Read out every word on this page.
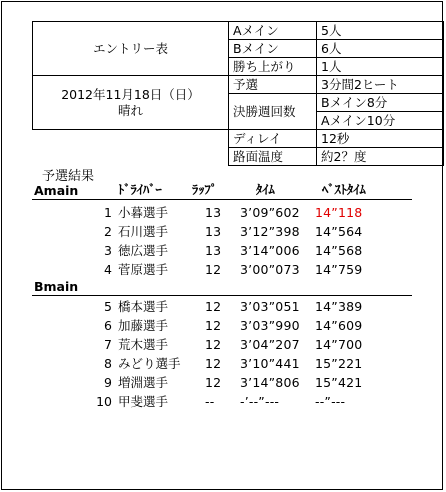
エントリー表	Aメイン	5人
	Bメイン	6人
	勝ち上がり	1人

2012年11月18日（日）
晴れ	予選	3分間2ヒート
	決勝週回数	Bメイン8分
		Aメイン10分
	ディレイ	12秒
	路面温度	約2？度
予選結果
Amain	ﾄﾞﾗｲﾊﾞｰ ﾗｯﾌﾟ	ﾀｲﾑ	ﾍﾞｽﾄﾀｲﾑ
1 小暮選手	13 3’09”602 14”118
2 石川選手	13 3’12”398 14”564
3 徳広選手	13 3’14”006 14”568
4 菅原選手	12 3’00”073 14”759
Bmain
5 橋本選手	12 3’03”051 14”389
6 加藤選手	12 3’03”990 14”609
7 荒木選手	12 3’04”207 14”700
8 みどり選手 12 3’10”441 15”221
9 増淵選手	12 3’14”806 15”421
10 甲斐選手	-- -’--”---	--”---
